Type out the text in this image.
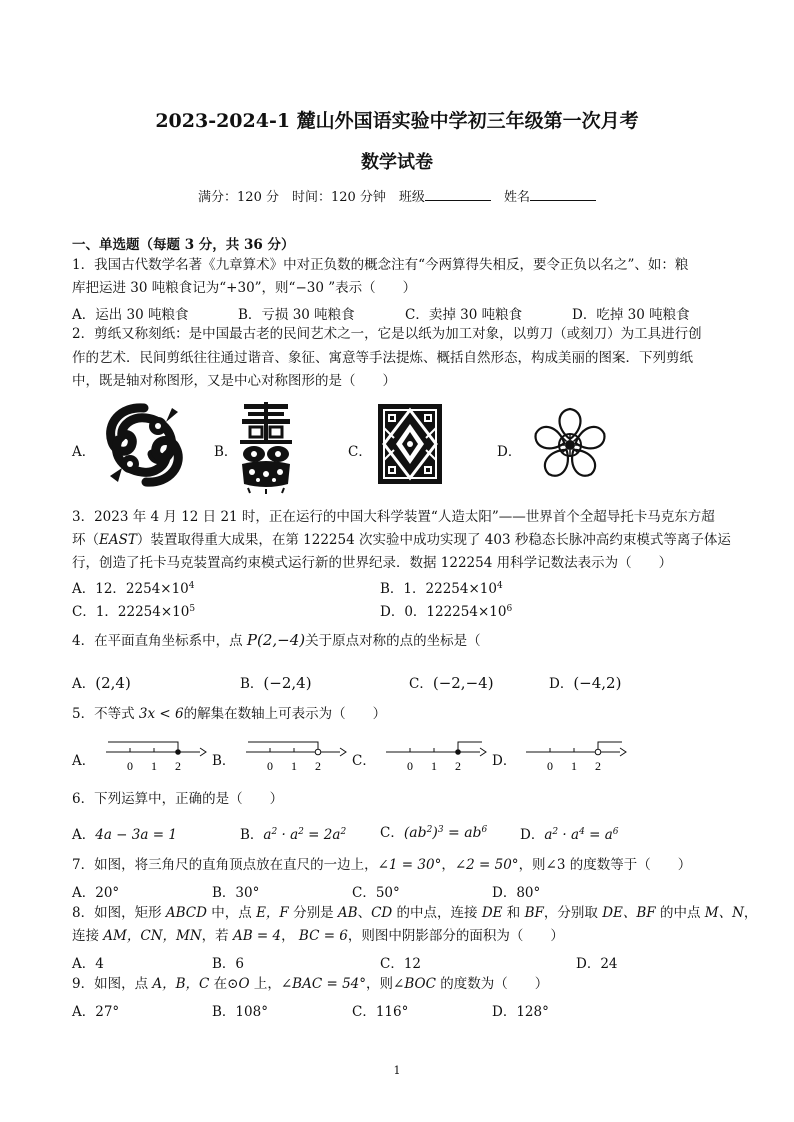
2023-2024-1 麓山外国语实验中学初三年级第一次月考
数学试卷
满分：120 分　时间：120 分钟　班级	　姓名
一、单选题（每题 3 分，共 36 分）
1．我国古代数学名著《九章算术》中对正负数的概念注有“今两算得失相反，要令正负以名之”、如：粮
库把运进 30 吨粮食记为“+30”，则“−30 ”表示（　　）
A．运出 30 吨粮食	B．亏损 30 吨粮食	C．卖掉 30 吨粮食	D．吃掉 30 吨粮食
2．剪纸又称刻纸：是中国最古老的民间艺术之一，它是以纸为加工对象，以剪刀（或刻刀）为工具进行创
作的艺术．民间剪纸往往通过谐音、象征、寓意等手法提炼、概括自然形态，构成美丽的图案．下列剪纸
中，既是轴对称图形，又是中心对称图形的是（　　）
A．	B．	C．	D．
3．2023 年 4 月 12 日 21 时，正在运行的中国大科学装置“人造太阳”——世界首个全超导托卡马克东方超
环（EAST）装置取得重大成果，在第 122254 次实验中成功实现了 403 秒稳态长脉冲高约束模式等离子体运
行，创造了托卡马克装置高约束模式运行新的世界纪录．数据 122254 用科学记数法表示为（　　）
A．12．$2254\times 10^4$	B．1．$22254\times 10^4$
C．1．$22254\times 10^5$	D．0．$122254\times 10^6$
4．在平面直角坐标系中，点 P(2,−4)关于原点对称的点的坐标是（
A．(2,4)	B．(−2,4)	C．(−2,−4)	D．(−4,2)
5．不等式 3x < 6的解集在数轴上可表示为（　　）
A．	B．	C．	D．
0 1 2	0 1 2	0 1 2	0 1 2
6．下列运算中，正确的是（　　）
A．4a − 3a = 1	B．$a^2 \cdot a^2 = 2a^2$	C．$(ab^2)^3 = ab^6$ D．$a^2 \cdot a^4 = a^6$
7．如图，将三角尺的直角顶点放在直尺的一边上，∠1 = 30°，∠2 = 50°，则∠3 的度数等于（　　）
A．20°	B．30°	C．50°	D．80°
8．如图，矩形 ABCD 中，点 E，F 分别是 AB、CD 的中点，连接 DE 和 BF，分别取 DE、BF 的中点 M、N，
连接 AM，CN，MN，若 AB = 4， BC = 6，则图中阴影部分的面积为（　　）
A．4	B．6	C．12	D．24
9．如图，点 A，B，C 在⊙O 上，∠BAC = 54°，则∠BOC 的度数为（　　）
A．27°	B．108°	C．116°	D．128°
1
